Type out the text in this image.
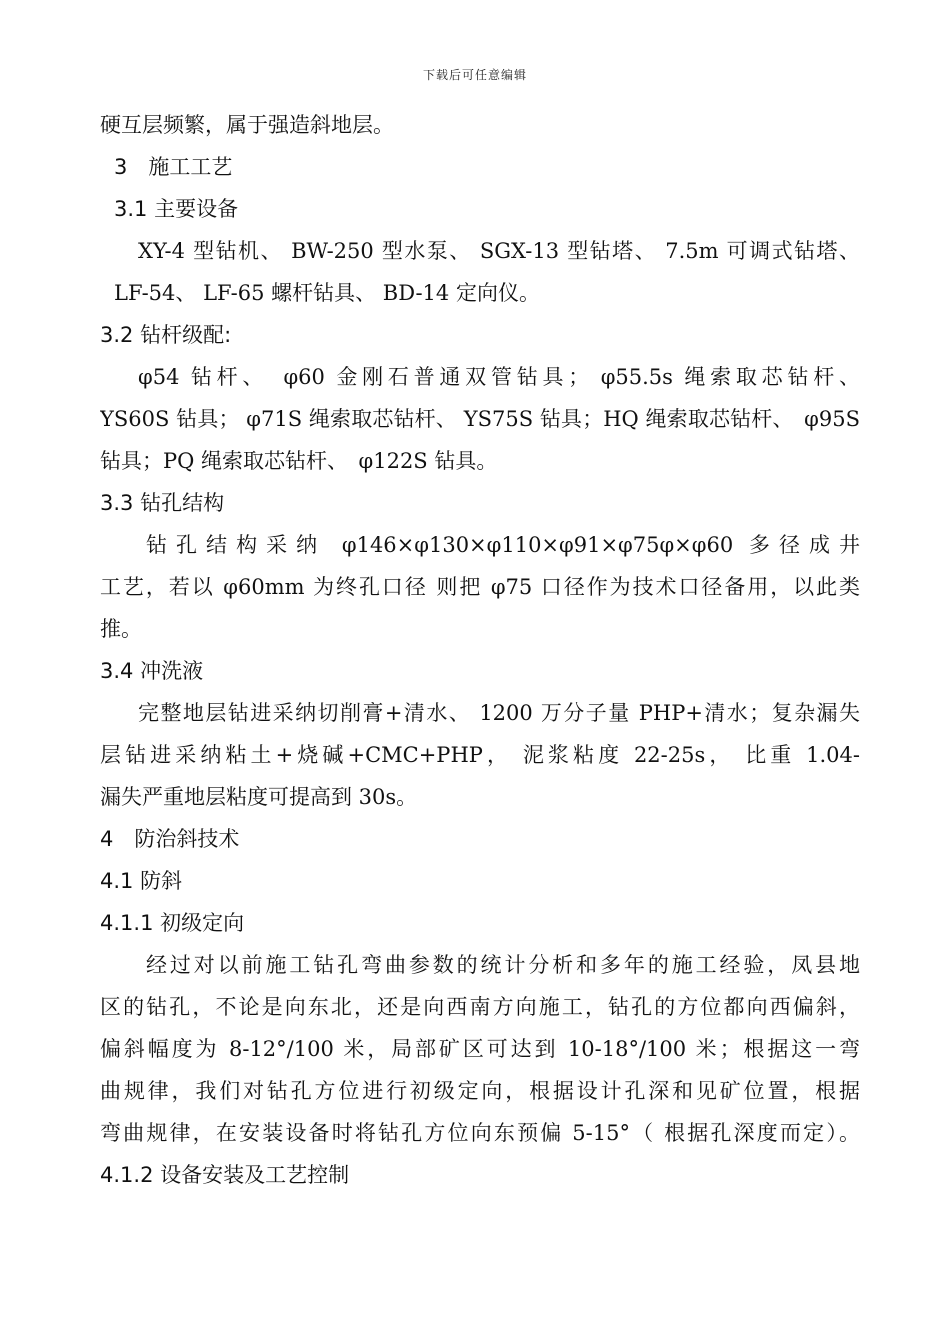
下载后可任意编辑
硬互层频繁，属于强造斜地层。
3　施工工艺
3.1 主要设备
XY-4 型钻机、 BW-250 型水泵、 SGX-13 型钻塔、 7.5m 可调式钻塔、
LF-54、 LF-65 螺杆钻具、 BD-14 定向仪。
3.2 钻杆级配:
φ54 钻杆、　φ60 金刚石普通双管钻具； φ55.5s 绳索取芯钻杆、
YS60S 钻具； φ71S 绳索取芯钻杆、 YS75S 钻具；HQ 绳索取芯钻杆、　φ95S
钻具；PQ 绳索取芯钻杆、　φ122S 钻具。
3.3 钻孔结构
钻孔结构采纳 φ146×φ130×φ110×φ91×φ75φ×φ60 多径成井
工艺，若以 φ60mm 为终孔口径 则把 φ75 口径作为技术口径备用，以此类
推。
3.4 冲洗液
完整地层钻进采纳切削膏+清水、 1200 万分子量 PHP+清水；复杂漏失
层钻进采纳粘土+烧碱+CMC+PHP， 泥浆粘度 22-25s， 比重 1.04-
漏失严重地层粘度可提高到 30s。
4　防治斜技术
4.1 防斜
4.1.1 初级定向
经过对以前施工钻孔弯曲参数的统计分析和多年的施工经验，凤县地
区的钻孔，不论是向东北，还是向西南方向施工，钻孔的方位都向西偏斜，
偏斜幅度为 8-12°/100 米，局部矿区可达到 10-18°/100 米；根据这一弯
曲规律，我们对钻孔方位进行初级定向，根据设计孔深和见矿位置，根据
弯曲规律，在安装设备时将钻孔方位向东预偏 5-15°（ 根据孔深度而定）。
4.1.2 设备安装及工艺控制
